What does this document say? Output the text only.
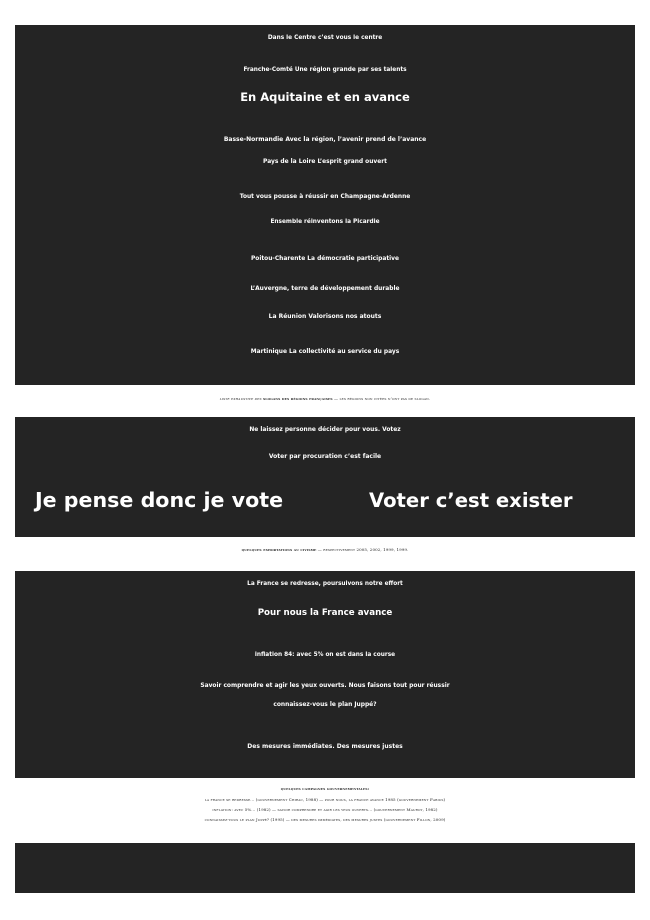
Dans le Centre c’est vous le centre
Franche-Comté Une région grande par ses talents
En Aquitaine et en avance
Basse-Normandie Avec la région, l’avenir prend de l’avance
Pays de la Loire L’esprit grand ouvert
Tout vous pousse à réussir en Champagne-Ardenne
Ensemble réinventons la Picardie
Poitou-Charente La démocratie participative
L’Auvergne, terre de développement durable
La Réunion Valorisons nos atouts
Martinique La collectivité au service du pays
liste exhaustive des slogans des régions françaises — les régions non citées n’ont pas de slogan.
Ne laissez personne décider pour vous. Votez
Voter par procuration c’est facile
Je pense donc je vote	Voter c’est exister
quelques exhortations au civisme — respectivement 2005, 2002, 1999, 1999.
La France se redresse, poursuivons notre effort
Pour nous la France avance
inflation 84: avec 5% on est dans la course
Savoir comprendre et agir les yeux ouverts. Nous faisons tout pour réussir
connaissez-vous le plan Juppé?
Des mesures immédiates. Des mesures justes
quelques campagnes gouvernementales:
la france se redresse... (gouvernement Chirac, 1988) — pour nous, la france avance 1985 (gouvernement Fabius)
inflation: avec 5%... (1982) — savoir comprendre et agir les yeux ouverts... (gouvernement Mauroy, 1982)
connaissez-vous le plan Juppé? (1995) — des mesures immédiates, des mesures justes (gouvernement Fillon, 2009)
